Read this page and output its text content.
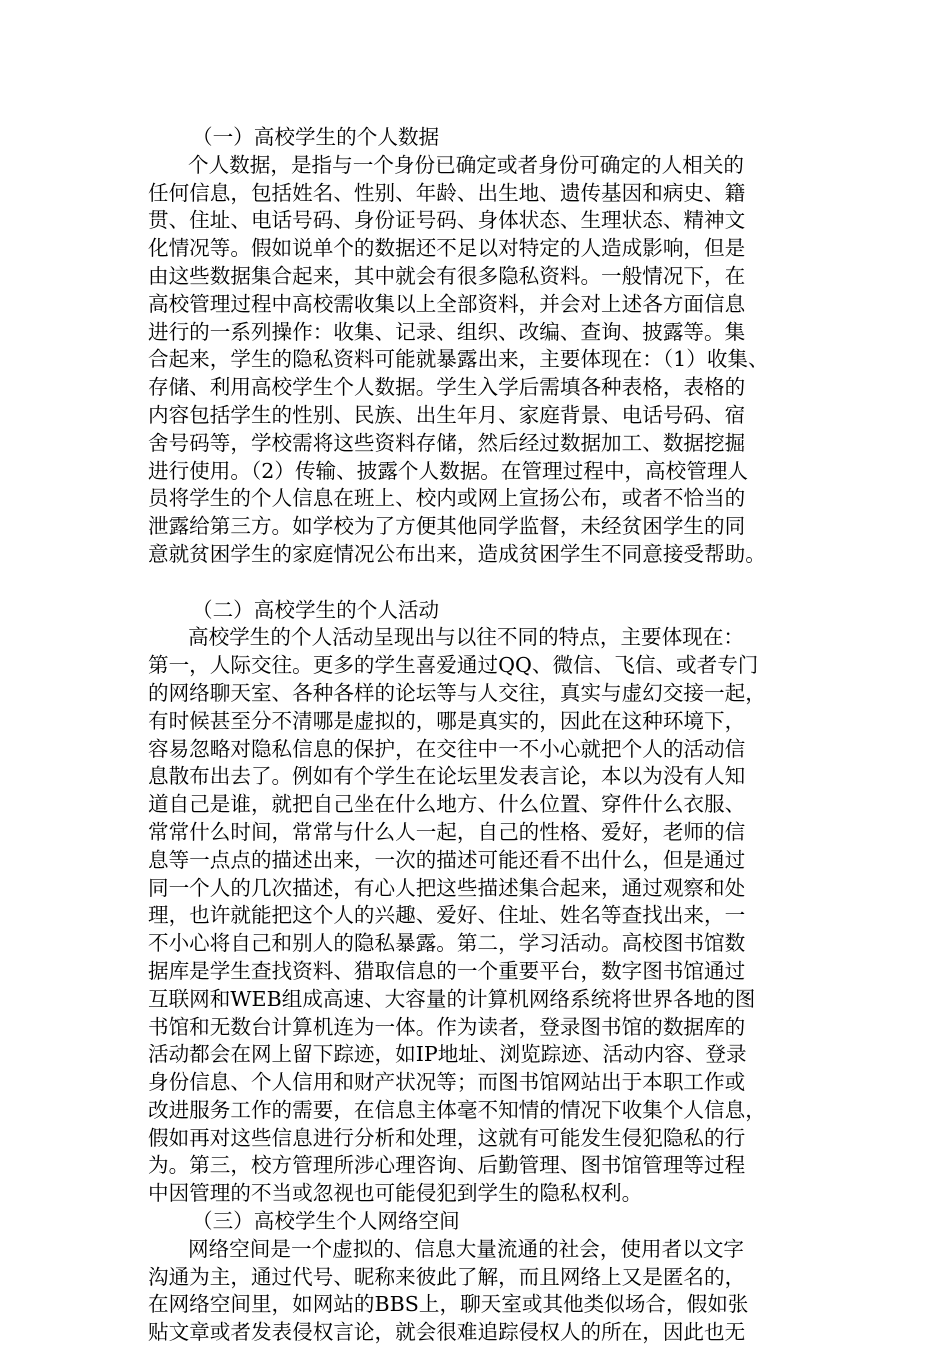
（一）高校学生的个人数据
个人数据，是指与一个身份已确定或者身份可确定的人相关的
任何信息，包括姓名、性别、年龄、出生地、遗传基因和病史、籍
贯、住址、电话号码、身份证号码、身体状态、生理状态、精神文
化情况等。假如说单个的数据还不足以对特定的人造成影响，但是
由这些数据集合起来，其中就会有很多隐私资料。一般情况下，在
高校管理过程中高校需收集以上全部资料，并会对上述各方面信息
进行的一系列操作：收集、记录、组织、改编、查询、披露等。集
合起来，学生的隐私资料可能就暴露出来，主要体现在：（1）收集、
存储、利用高校学生个人数据。学生入学后需填各种表格，表格的
内容包括学生的性别、民族、出生年月、家庭背景、电话号码、宿
舍号码等，学校需将这些资料存储，然后经过数据加工、数据挖掘
进行使用。（2）传输、披露个人数据。在管理过程中，高校管理人
员将学生的个人信息在班上、校内或网上宣扬公布，或者不恰当的
泄露给第三方。如学校为了方便其他同学监督，未经贫困学生的同
意就贫困学生的家庭情况公布出来，造成贫困学生不同意接受帮助。
（二）高校学生的个人活动
高校学生的个人活动呈现出与以往不同的特点，主要体现在：
第一，人际交往。更多的学生喜爱通过QQ、微信、飞信、或者专门
的网络聊天室、各种各样的论坛等与人交往，真实与虚幻交接一起，
有时候甚至分不清哪是虚拟的，哪是真实的，因此在这种环境下，
容易忽略对隐私信息的保护，在交往中一不小心就把个人的活动信
息散布出去了。例如有个学生在论坛里发表言论，本以为没有人知
道自己是谁，就把自己坐在什么地方、什么位置、穿件什么衣服、
常常什么时间，常常与什么人一起，自己的性格、爱好，老师的信
息等一点点的描述出来，一次的描述可能还看不出什么，但是通过
同一个人的几次描述，有心人把这些描述集合起来，通过观察和处
理，也许就能把这个人的兴趣、爱好、住址、姓名等查找出来，一
不小心将自己和别人的隐私暴露。第二，学习活动。高校图书馆数
据库是学生查找资料、猎取信息的一个重要平台，数字图书馆通过
互联网和WEB组成高速、大容量的计算机网络系统将世界各地的图
书馆和无数台计算机连为一体。作为读者，登录图书馆的数据库的
活动都会在网上留下踪迹，如IP地址、浏览踪迹、活动内容、登录
身份信息、个人信用和财产状况等；而图书馆网站出于本职工作或
改进服务工作的需要，在信息主体毫不知情的情况下收集个人信息，
假如再对这些信息进行分析和处理，这就有可能发生侵犯隐私的行
为。第三，校方管理所涉心理咨询、后勤管理、图书馆管理等过程
中因管理的不当或忽视也可能侵犯到学生的隐私权利。
（三）高校学生个人网络空间
网络空间是一个虚拟的、信息大量流通的社会，使用者以文字
沟通为主，通过代号、昵称来彼此了解，而且网络上又是匿名的，
在网络空间里，如网站的BBS上，聊天室或其他类似场合，假如张
贴文章或者发表侵权言论，就会很难追踪侵权人的所在，因此也无
